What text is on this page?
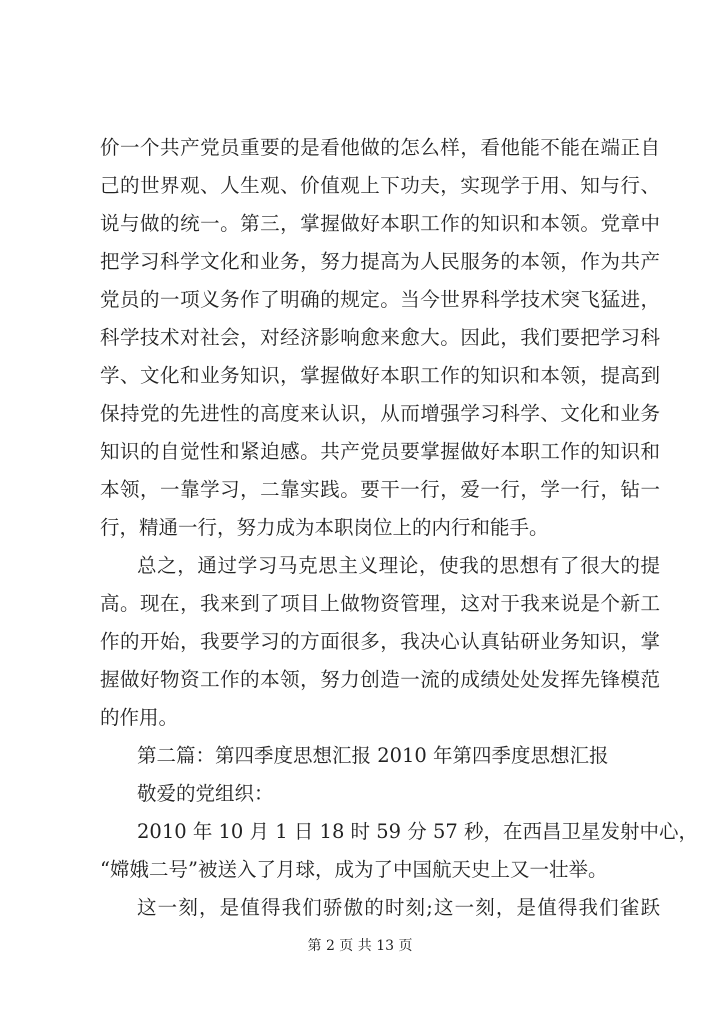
价一个共产党员重要的是看他做的怎么样，看他能不能在端正自
己的世界观、人生观、价值观上下功夫，实现学于用、知与行、
说与做的统一。第三，掌握做好本职工作的知识和本领。党章中
把学习科学文化和业务，努力提高为人民服务的本领，作为共产
党员的一项义务作了明确的规定。当今世界科学技术突飞猛进，
科学技术对社会，对经济影响愈来愈大。因此，我们要把学习科
学、文化和业务知识，掌握做好本职工作的知识和本领，提高到
保持党的先进性的高度来认识，从而增强学习科学、文化和业务
知识的自觉性和紧迫感。共产党员要掌握做好本职工作的知识和
本领，一靠学习，二靠实践。要干一行，爱一行，学一行，钻一
行，精通一行，努力成为本职岗位上的内行和能手。
总之，通过学习马克思主义理论，使我的思想有了很大的提
高。现在，我来到了项目上做物资管理，这对于我来说是个新工
作的开始，我要学习的方面很多，我决心认真钻研业务知识，掌
握做好物资工作的本领，努力创造一流的成绩处处发挥先锋模范
的作用。
第二篇：第四季度思想汇报 2010 年第四季度思想汇报
敬爱的党组织：
2010 年 10 月 1 日 18 时 59 分 57 秒，在西昌卫星发射中心，
“嫦娥二号”被送入了月球，成为了中国航天史上又一壮举。
这一刻，是值得我们骄傲的时刻;这一刻，是值得我们雀跃
第 2 页 共 13 页
